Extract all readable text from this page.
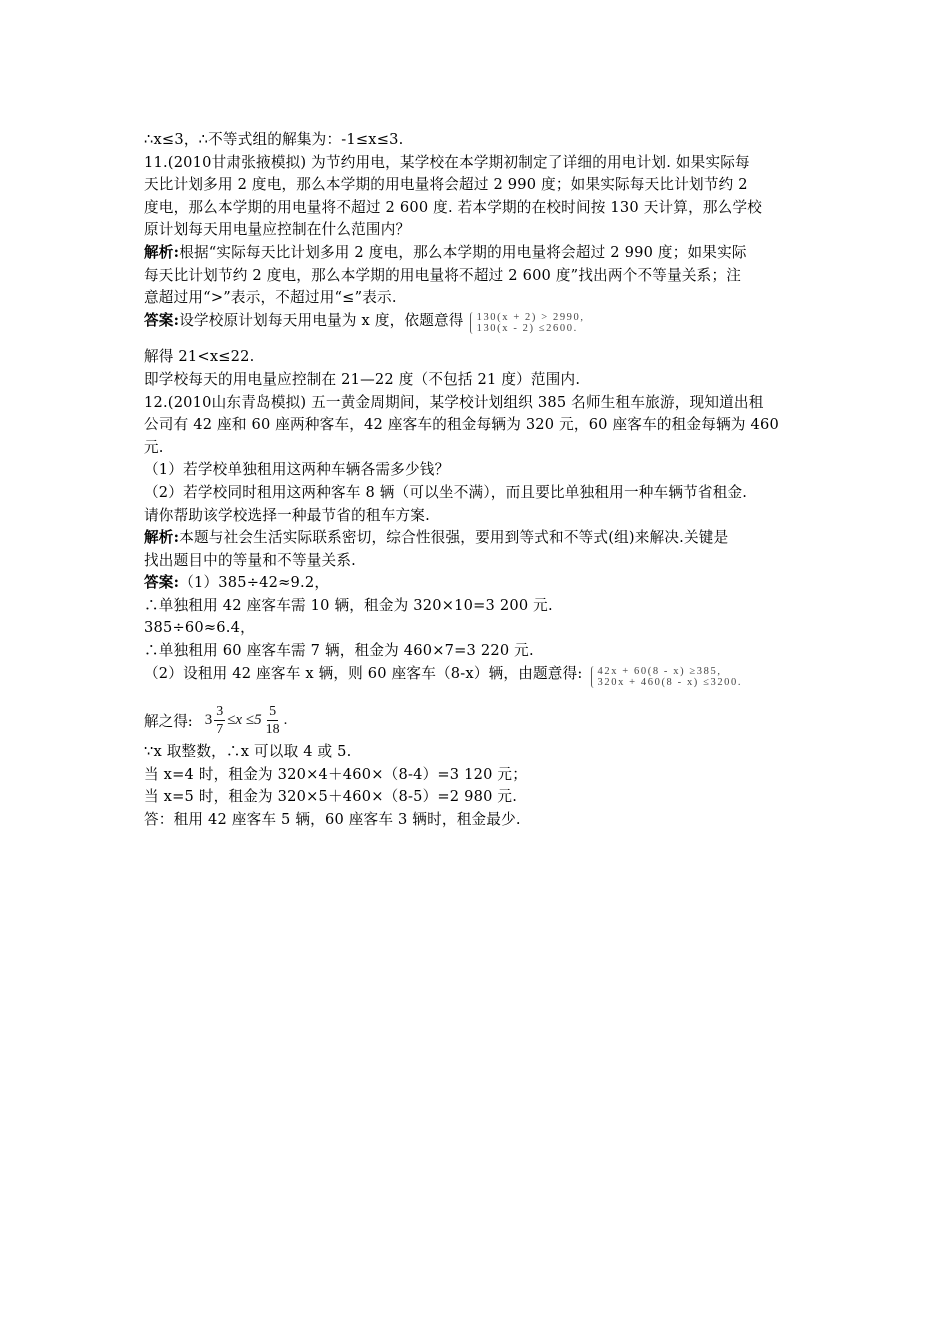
∴x≤3，∴不等式组的解集为：-1≤x≤3.
11.(2010甘肃张掖模拟) 为节约用电，某学校在本学期初制定了详细的用电计划. 如果实际每
天比计划多用 2 度电，那么本学期的用电量将会超过 2 990 度；如果实际每天比计划节约 2
度电，那么本学期的用电量将不超过 2 600 度. 若本学期的在校时间按 130 天计算，那么学校
原计划每天用电量应控制在什么范围内？
解析:根据“实际每天比计划多用 2 度电，那么本学期的用电量将会超过 2 990 度；如果实际
每天比计划节约 2 度电，那么本学期的用电量将不超过 2 600 度”找出两个不等量关系；注
意超过用“>”表示，不超过用“≤”表示.
答案:设学校原计划每天用电量为 x 度，依题意得 130(x + 2) > 2990,
130(x - 2) ≤2600.
解得 21<x≤22.
即学校每天的用电量应控制在 21—22 度（不包括 21 度）范围内.
12.(2010山东青岛模拟) 五一黄金周期间，某学校计划组织 385 名师生租车旅游，现知道出租
公司有 42 座和 60 座两种客车，42 座客车的租金每辆为 320 元，60 座客车的租金每辆为 460
元.
（1）若学校单独租用这两种车辆各需多少钱？
（2）若学校同时租用这两种客车 8 辆（可以坐不满），而且要比单独租用一种车辆节省租金.
请你帮助该学校选择一种最节省的租车方案.
解析:本题与社会生活实际联系密切，综合性很强，要用到等式和不等式(组)来解决.关键是
找出题目中的等量和不等量关系.
答案:（1）385÷42≈9.2，
∴单独租用 42 座客车需 10 辆，租金为 320×10=3 200 元.
385÷60≈6.4，
∴单独租用 60 座客车需 7 辆，租金为 460×7=3 220 元.
（2）设租用 42 座客车 x 辆，则 60 座客车（8-x）辆，由题意得: 42x + 60(8 - x) ≥385,
320x + 460(8 - x) ≤3200.
解之得: $3 \frac{3}{7} \le x \le 5 \frac{5}{18}$ .
∵x 取整数，∴x 可以取 4 或 5.
当 x=4 时，租金为 320×4＋460×（8-4）=3 120 元；
当 x=5 时，租金为 320×5＋460×（8-5）=2 980 元.
答：租用 42 座客车 5 辆，60 座客车 3 辆时，租金最少.
